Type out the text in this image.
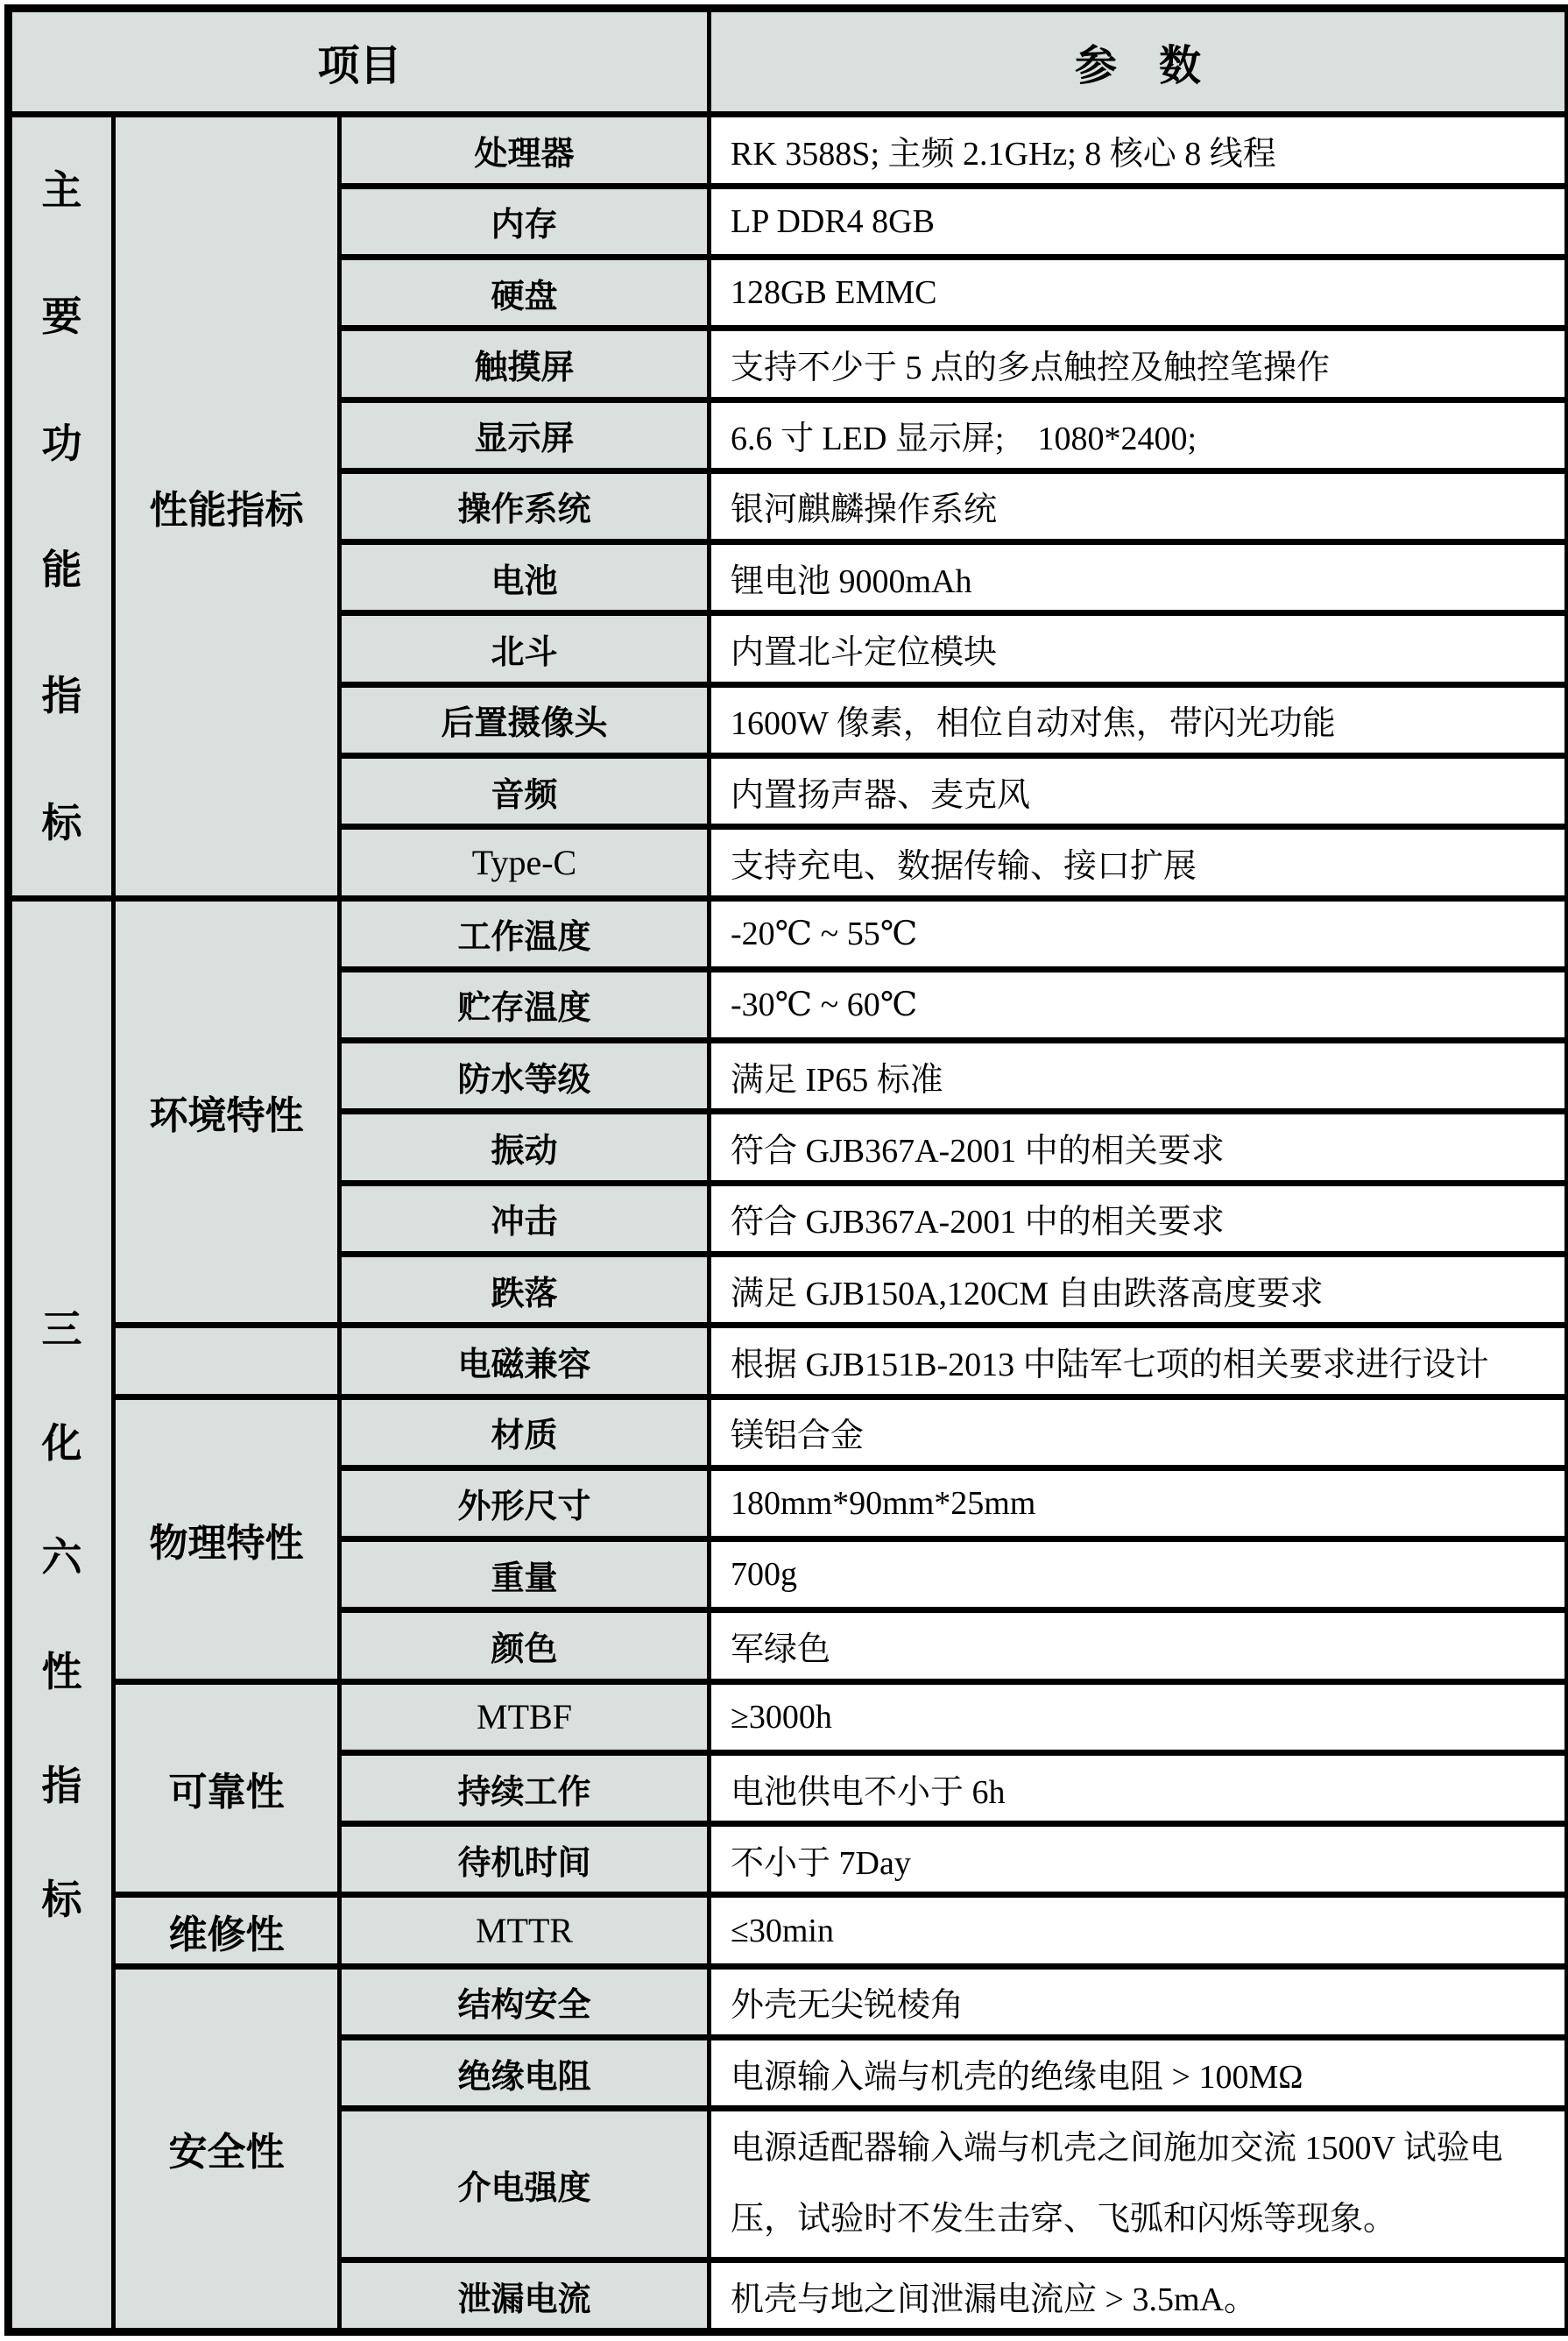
项目			参　数

主
要
功
能
指
标
	性能指标	处理器	RK 3588S; 主频 2.1GHz; 8 核心 8 线程
		内存	LP DDR4 8GB
		硬盘	128GB EMMC
		触摸屏	支持不少于 5 点的多点触控及触控笔操作
		显示屏	6.6 寸 LED 显示屏;　1080*2400;
		操作系统	银河麒麟操作系统
		电池	锂电池 9000mAh
		北斗	内置北斗定位模块
		后置摄像头	1600W 像素，相位自动对焦，带闪光功能
		音频	内置扬声器、麦克风
		Type-C	支持充电、数据传输、接口扩展

三
化
六
性
指
标
	环境特性	工作温度	-20℃ ~ 55℃
		贮存温度	-30℃ ~ 60℃
		防水等级	满足 IP65 标准
		振动	符合 GJB367A-2001 中的相关要求
		冲击	符合 GJB367A-2001 中的相关要求
		跌落	满足 GJB150A,120CM 自由跌落高度要求
		电磁兼容	根据 GJB151B-2013 中陆军七项的相关要求进行设计
	物理特性	材质	镁铝合金
		外形尺寸	180mm*90mm*25mm
		重量	700g
		颜色	军绿色
	可靠性	MTBF	≥3000h
		持续工作	电池供电不小于 6h
		待机时间	不小于 7Day
	维修性	MTTR	≤30min
	安全性	结构安全	外壳无尖锐棱角
		绝缘电阻	电源输入端与机壳的绝缘电阻 > 100MΩ
		介电强度	电源适配器输入端与机壳之间施加交流 1500V 试验电压，试验时不发生击穿、飞弧和闪烁等现象。
		泄漏电流	机壳与地之间泄漏电流应 > 3.5mA。
